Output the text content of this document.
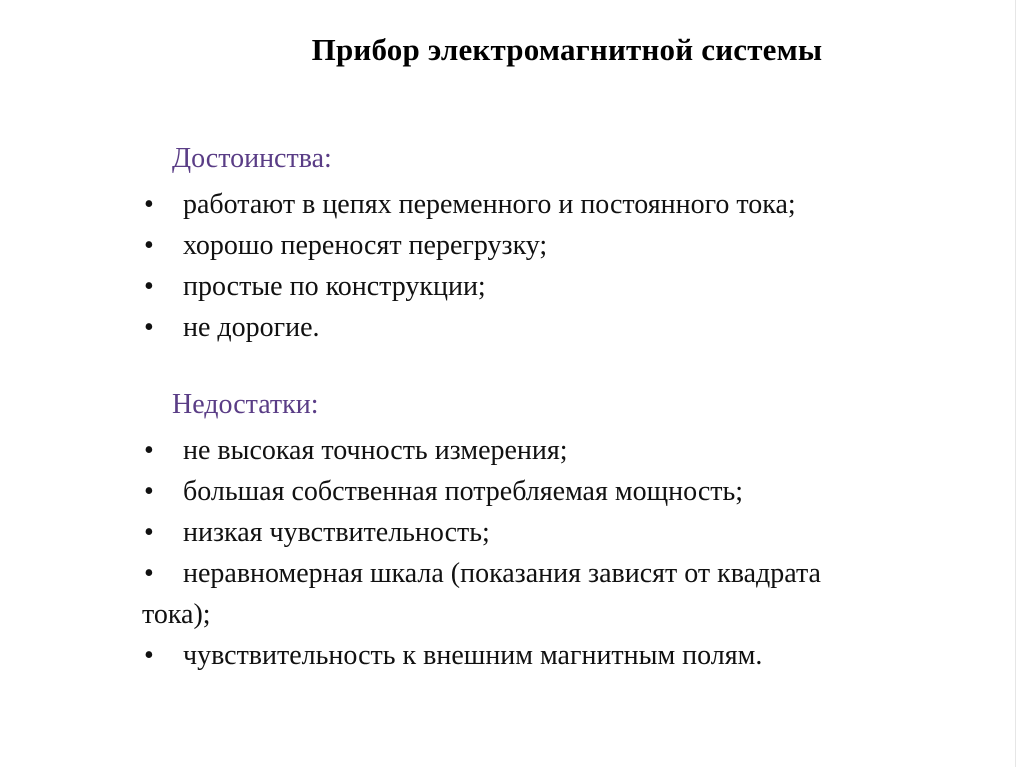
Прибор электромагнитной системы
Достоинства:
• работают в цепях переменного и постоянного тока;
• хорошо переносят перегрузку;
• простые по конструкции;
• не дорогие.
Недостатки:
• не высокая точность измерения;
• большая собственная потребляемая мощность;
• низкая чувствительность;
• неравномерная шкала (показания зависят от квадрата
тока);
• чувствительность к внешним магнитным полям.
